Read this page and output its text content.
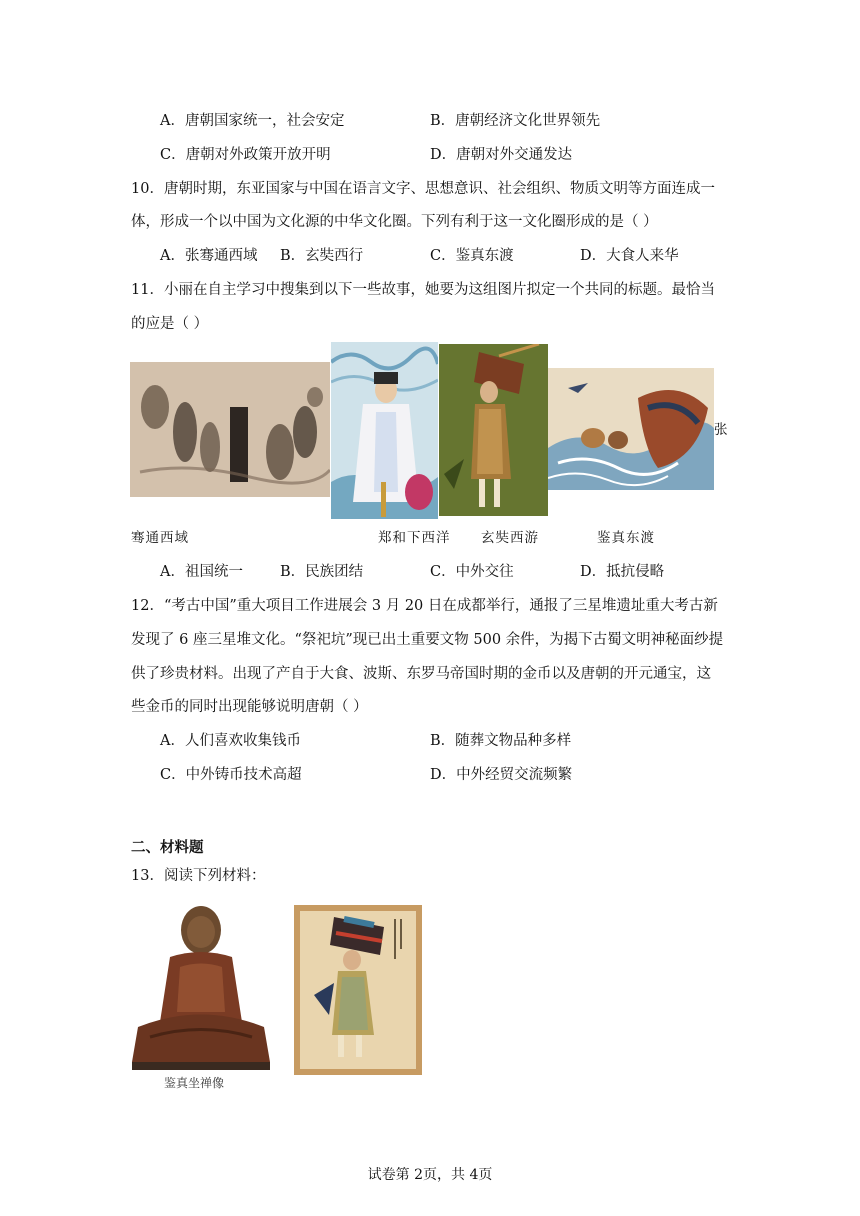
A．唐朝国家统一，社会安定	B．唐朝经济文化世界领先
C．唐朝对外政策开放开明	D．唐朝对外交通发达
10．唐朝时期，东亚国家与中国在语言文字、思想意识、社会组织、物质文明等方面连成一
体，形成一个以中国为文化源的中华文化圈。下列有利于这一文化圈形成的是（ ）
A．张骞通西域 B．玄奘西行	C．鉴真东渡	D．大食人来华
11．小丽在自主学习中搜集到以下一些故事，她要为这组图片拟定一个共同的标题。最恰当
的应是（ ）
张
骞通西域	郑和下西洋 玄奘西游	鉴真东渡
A．祖国统一	B．民族团结	C．中外交往	D．抵抗侵略
12．“考古中国”重大项目工作进展会 3 月 20 日在成都举行，通报了三星堆遗址重大考古新
发现了 6 座三星堆文化。“祭祀坑”现已出土重要文物 500 余件，为揭下古蜀文明神秘面纱提
供了珍贵材料。出现了产自于大食、波斯、东罗马帝国时期的金币以及唐朝的开元通宝，这
些金币的同时出现能够说明唐朝（ ）
A．人们喜欢收集钱币	B．随葬文物品种多样
C．中外铸币技术高超	D．中外经贸交流频繁
二、材料题
13．阅读下列材料：
鉴真坐禅像
试卷第 2页，共 4页
